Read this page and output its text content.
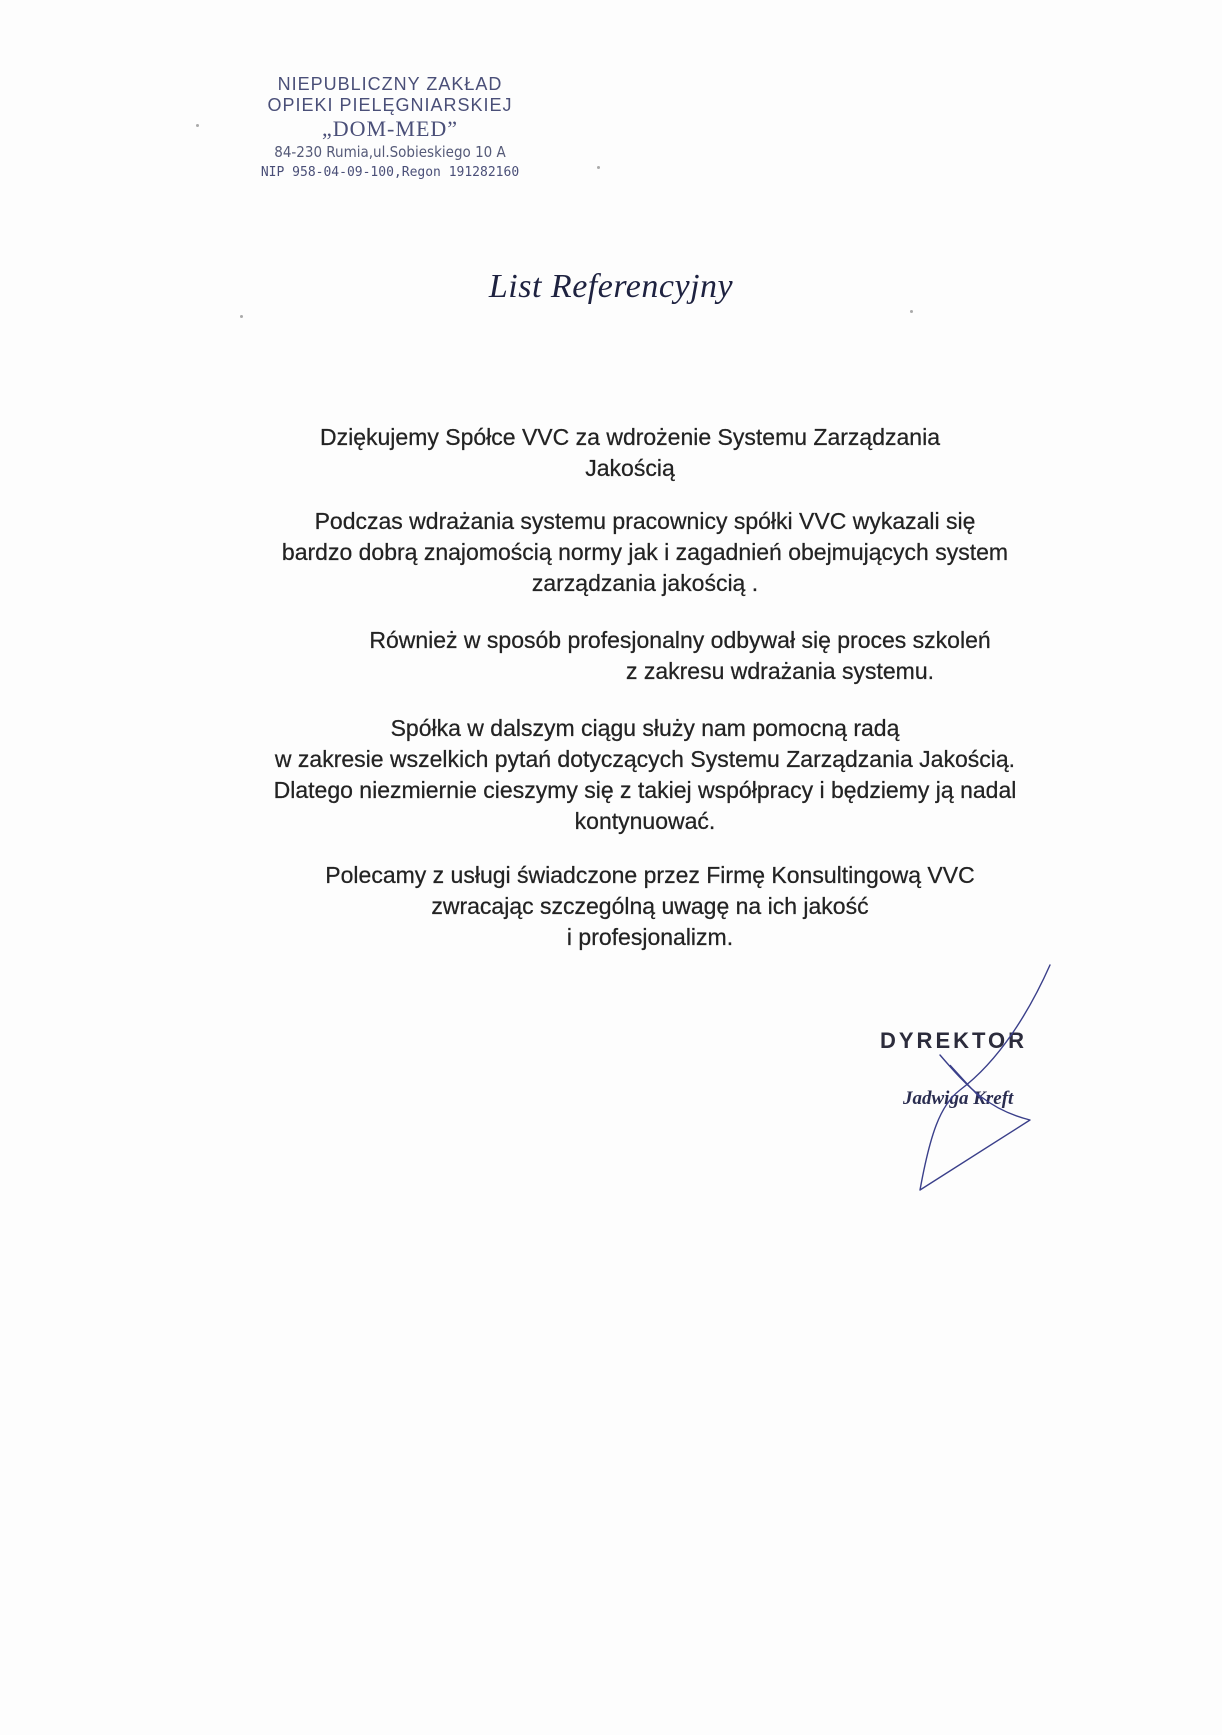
NIEPUBLICZNY ZAKŁAD
OPIEKI PIELĘGNIARSKIEJ
„DOM-MED”
84-230 Rumia,ul.Sobieskiego 10 A
NIP 958-04-09-100,Regon 191282160
List Referencyjny
Dziękujemy Spółce VVC za wdrożenie Systemu Zarządzania
Jakością
Podczas wdrażania systemu pracownicy spółki VVC wykazali się
bardzo dobrą znajomością normy jak i zagadnień obejmujących system
zarządzania jakością .
Również w sposób profesjonalny odbywał się proces szkoleń
z zakresu wdrażania systemu.
Spółka w dalszym ciągu służy nam pomocną radą
w zakresie wszelkich pytań dotyczących Systemu Zarządzania Jakością.
Dlatego niezmiernie cieszymy się z takiej współpracy i będziemy ją nadal
kontynuować.
Polecamy z usługi świadczone przez Firmę Konsultingową VVC
zwracając szczególną uwagę na ich jakość
i profesjonalizm.
DYREKTOR
Jadwiga Kreft
